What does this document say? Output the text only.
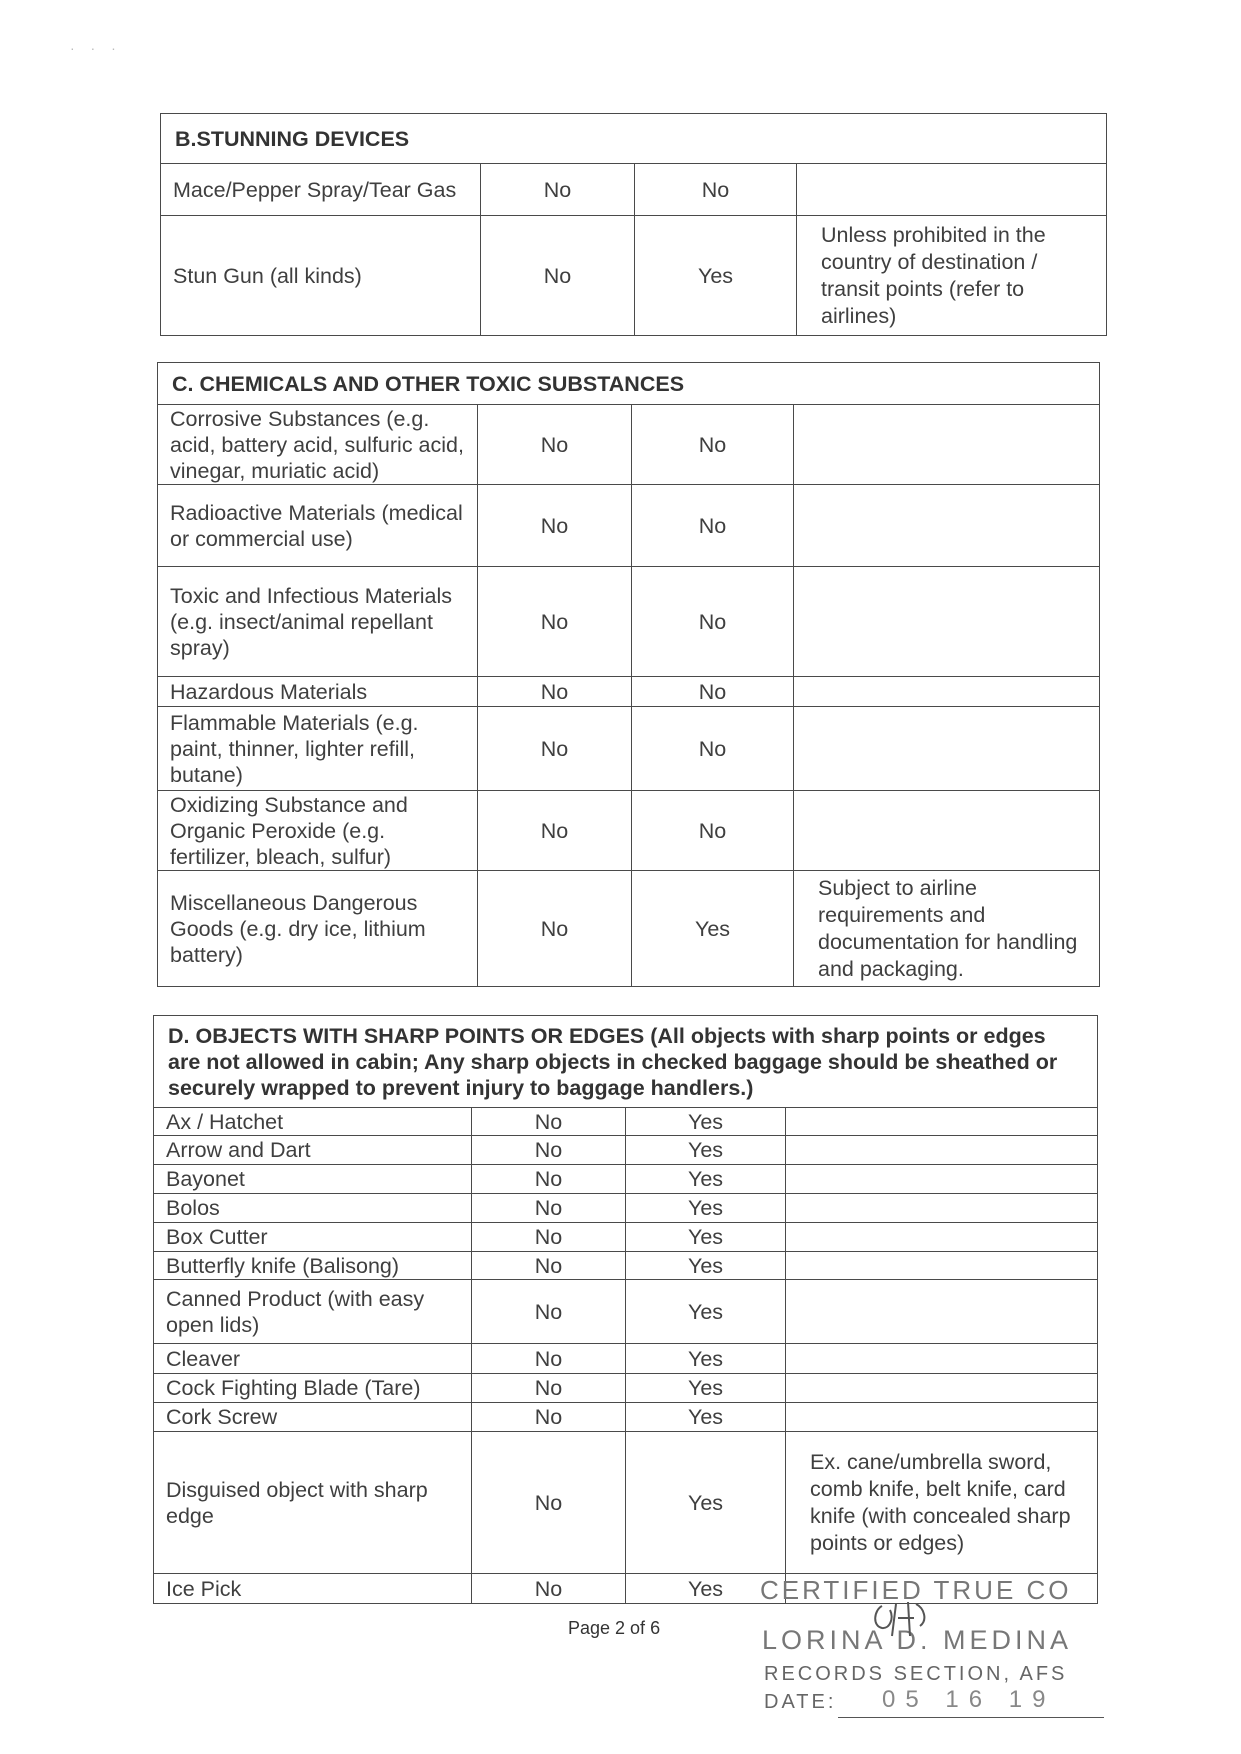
· · ·
B.STUNNING DEVICES			
Mace/Pepper Spray/Tear Gas	No	No	
Stun Gun (all kinds)	No	Yes	Unless prohibited in the country of destination / transit points (refer to airlines)
C. CHEMICALS AND OTHER TOXIC SUBSTANCES			
Corrosive Substances (e.g. acid, battery acid, sulfuric acid, vinegar, muriatic acid)	No	No	
Radioactive Materials (medical or commercial use)	No	No	
Toxic and Infectious Materials (e.g. insect/animal repellant spray)	No	No	
Hazardous Materials	No	No	
Flammable Materials (e.g. paint, thinner, lighter refill, butane)	No	No	
Oxidizing Substance and Organic Peroxide (e.g. fertilizer, bleach, sulfur)	No	No	
Miscellaneous Dangerous Goods (e.g. dry ice, lithium battery)	No	Yes	Subject to airline requirements and documentation for handling and packaging.
D. OBJECTS WITH SHARP POINTS OR EDGES (All objects with sharp points or edges are not allowed in cabin; Any sharp objects in checked baggage should be sheathed or securely wrapped to prevent injury to baggage handlers.)			
Ax / Hatchet	No	Yes	
Arrow and Dart	No	Yes	
Bayonet	No	Yes	
Bolos	No	Yes	
Box Cutter	No	Yes	
Butterfly knife (Balisong)	No	Yes	
Canned Product (with easy open lids)	No	Yes	
Cleaver	No	Yes	
Cock Fighting Blade (Tare)	No	Yes	
Cork Screw	No	Yes	
Disguised object with sharp edge	No	Yes	Ex. cane/umbrella sword, comb knife, belt knife, card knife (with concealed sharp points or edges)
Ice Pick	No	Yes	
Page 2 of 6
CERTIFIED TRUE CO
LORINA D. MEDINA
RECORDS SECTION, AFS
DATE: 05 16 19
